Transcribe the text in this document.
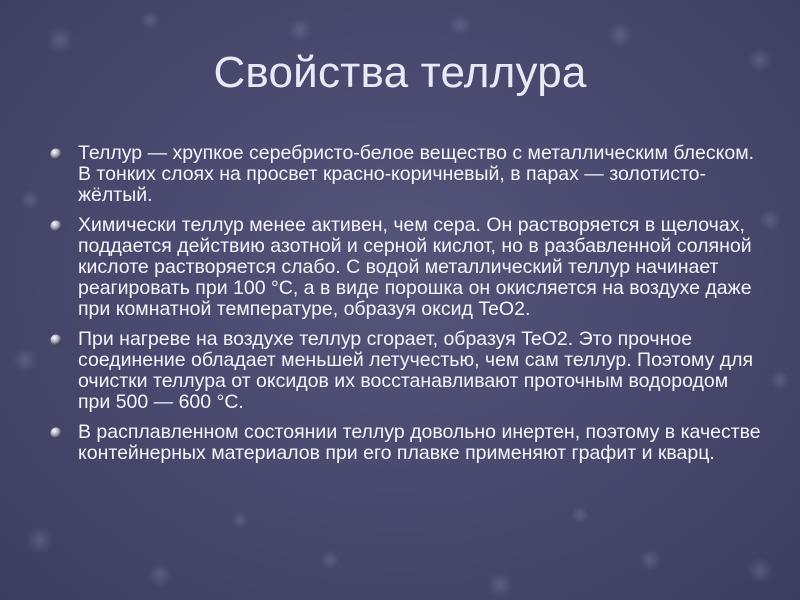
Свойства теллура
Теллур — хрупкое серебристо-белое вещество с металлическим блеском. В тонких слоях на просвет красно-коричневый, в парах — золотисто-жёлтый.
Химически теллур менее активен, чем сера. Он растворяется в щелочах, поддается действию азотной и серной кислот, но в разбавленной соляной кислоте растворяется слабо. С водой металлический теллур начинает реагировать при 100 °C, а в виде порошка он окисляется на воздухе даже при комнатной температуре, образуя оксид TeO2.
При нагреве на воздухе теллур сгорает, образуя TeO2. Это прочное соединение обладает меньшей летучестью, чем сам теллур. Поэтому для очистки теллура от оксидов их восстанавливают проточным водородом при 500 — 600 °C.
В расплавленном состоянии теллур довольно инертен, поэтому в качестве контейнерных материалов при его плавке применяют графит и кварц.
